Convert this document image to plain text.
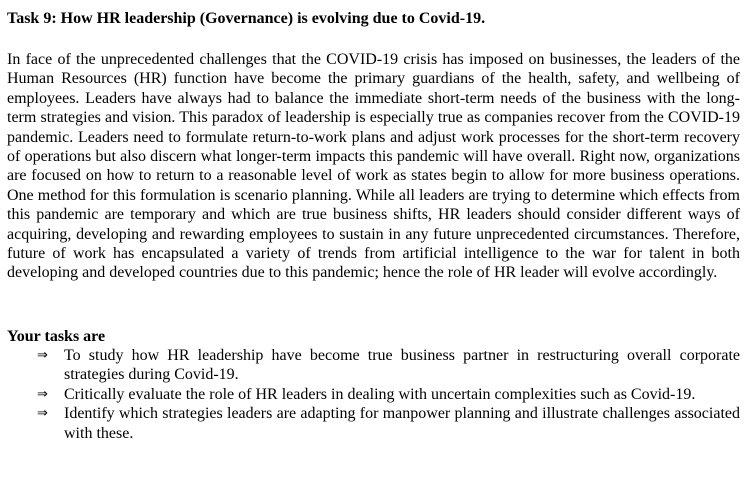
Task 9: How HR leadership (Governance) is evolving due to Covid-19.

In face of the unprecedented challenges that the COVID-19 crisis has imposed on businesses, the leaders of the Human Resources (HR) function have become the primary guardians of the health, safety, and wellbeing of employees. Leaders have always had to balance the immediate short-term needs of the business with the long-term strategies and vision. This paradox of leadership is especially true as companies recover from the COVID-19 pandemic. Leaders need to formulate return-to-work plans and adjust work processes for the short-term recovery of operations but also discern what longer-term impacts this pandemic will have overall. Right now, organizations are focused on how to return to a reasonable level of work as states begin to allow for more business operations. One method for this formulation is scenario planning. While all leaders are trying to determine which effects from this pandemic are temporary and which are true business shifts, HR leaders should consider different ways of acquiring, developing and rewarding employees to sustain in any future unprecedented circumstances. Therefore, future of work has encapsulated a variety of trends from artificial intelligence to the war for talent in both developing and developed countries due to this pandemic; hence the role of HR leader will evolve accordingly.

Your tasks are
⇒ To study how HR leadership have become true business partner in restructuring overall corporate strategies during Covid-19.
⇒ Critically evaluate the role of HR leaders in dealing with uncertain complexities such as Covid-19.
⇒ Identify which strategies leaders are adapting for manpower planning and illustrate challenges associated with these.
